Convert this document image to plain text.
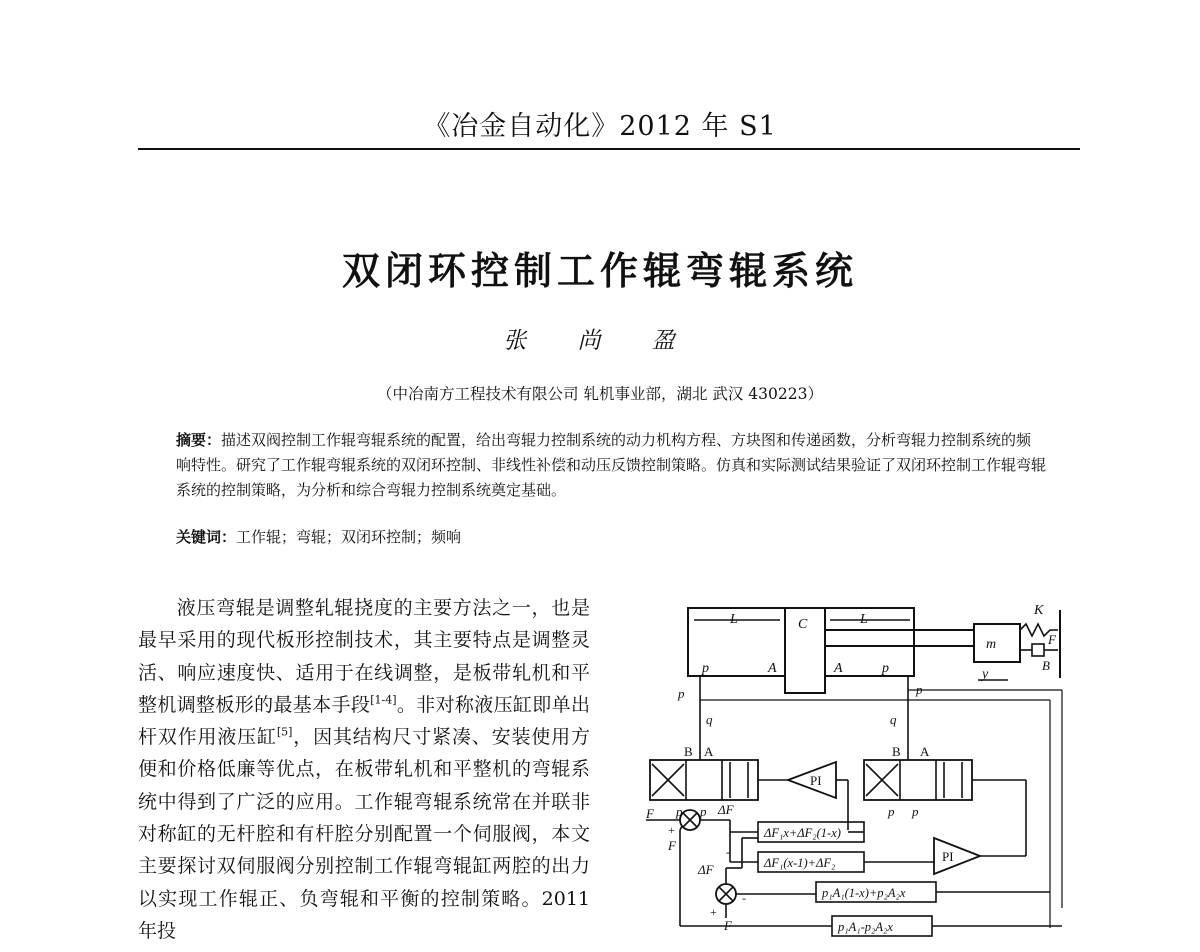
《冶金自动化》2012 年 S1
双闭环控制工作辊弯辊系统
张 尚 盈
（中冶南方工程技术有限公司 轧机事业部，湖北 武汉 430223）
摘要：描述双阀控制工作辊弯辊系统的配置，给出弯辊力控制系统的动力机构方程、方块图和传递函数，分析弯辊力控制系统的频响特性。研究了工作辊弯辊系统的双闭环控制、非线性补偿和动压反馈控制策略。仿真和实际测试结果验证了双闭环控制工作辊弯辊系统的控制策略，为分析和综合弯辊力控制系统奠定基础。
关键词：工作辊；弯辊；双闭环控制；频响
液压弯辊是调整轧辊挠度的主要方法之一，也是最早采用的现代板形控制技术，其主要特点是调整灵活、响应速度快、适用于在线调整，是板带轧机和平整机调整板形的最基本手段[1-4]。非对称液压缸即单出杆双作用液压缸[5]，因其结构尺寸紧凑、安装使用方便和价格低廉等优点，在板带轧机和平整机的弯辊系统中得到了广泛的应用。工作辊弯辊系统常在并联非对称缸的无杆腔和有杆腔分别配置一个伺服阀，本文主要探讨双伺服阀分别控制工作辊弯辊缸两腔的出力以实现工作辊正、负弯辊和平衡的控制策略。2011 年投
L	L
C
m
K
B
F
y
p	A	A	p
p	p
q	q
B A
p p
B A
p p
PI
PI
F
F
+
+
-
F
ΔF
ΔF
-
ΔF₁x+ΔF₂(1-x)
ΔF₁(x-1)+ΔF₂
p₁A₁(1-x)+p₂A₂x
p₁A₁-p₂A₂x
